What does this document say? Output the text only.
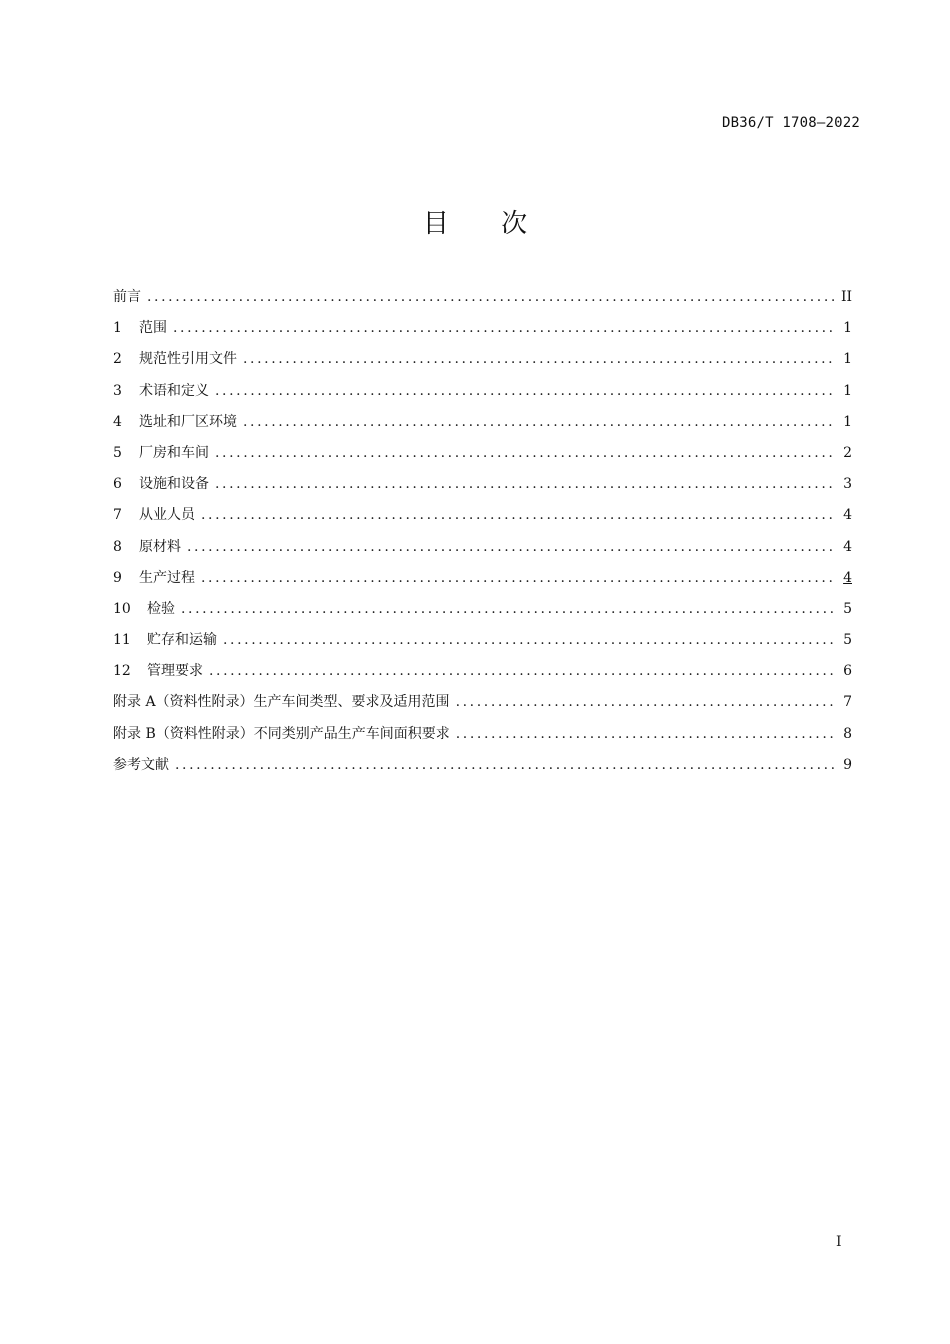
DB36/T 1708—2022
目 次
前言 .....	II
1	范围 .....	1
2	规范性引用文件 .....	1
3	术语和定义 .....	1
4	选址和厂区环境 .....	1
5	厂房和车间 .....	2
6	设施和设备 .....	3
7	从业人员 .....	4
8	原材料 .....	4
9	生产过程 .....	4
10	检验 .....	5
11	贮存和运输 .....	5
12	管理要求 .....	6
附录 A（资料性附录）生产车间类型、要求及适用范围 .....	7
附录 B（资料性附录）不同类别产品生产车间面积要求 .....	8
参考文献 .....	9
I
